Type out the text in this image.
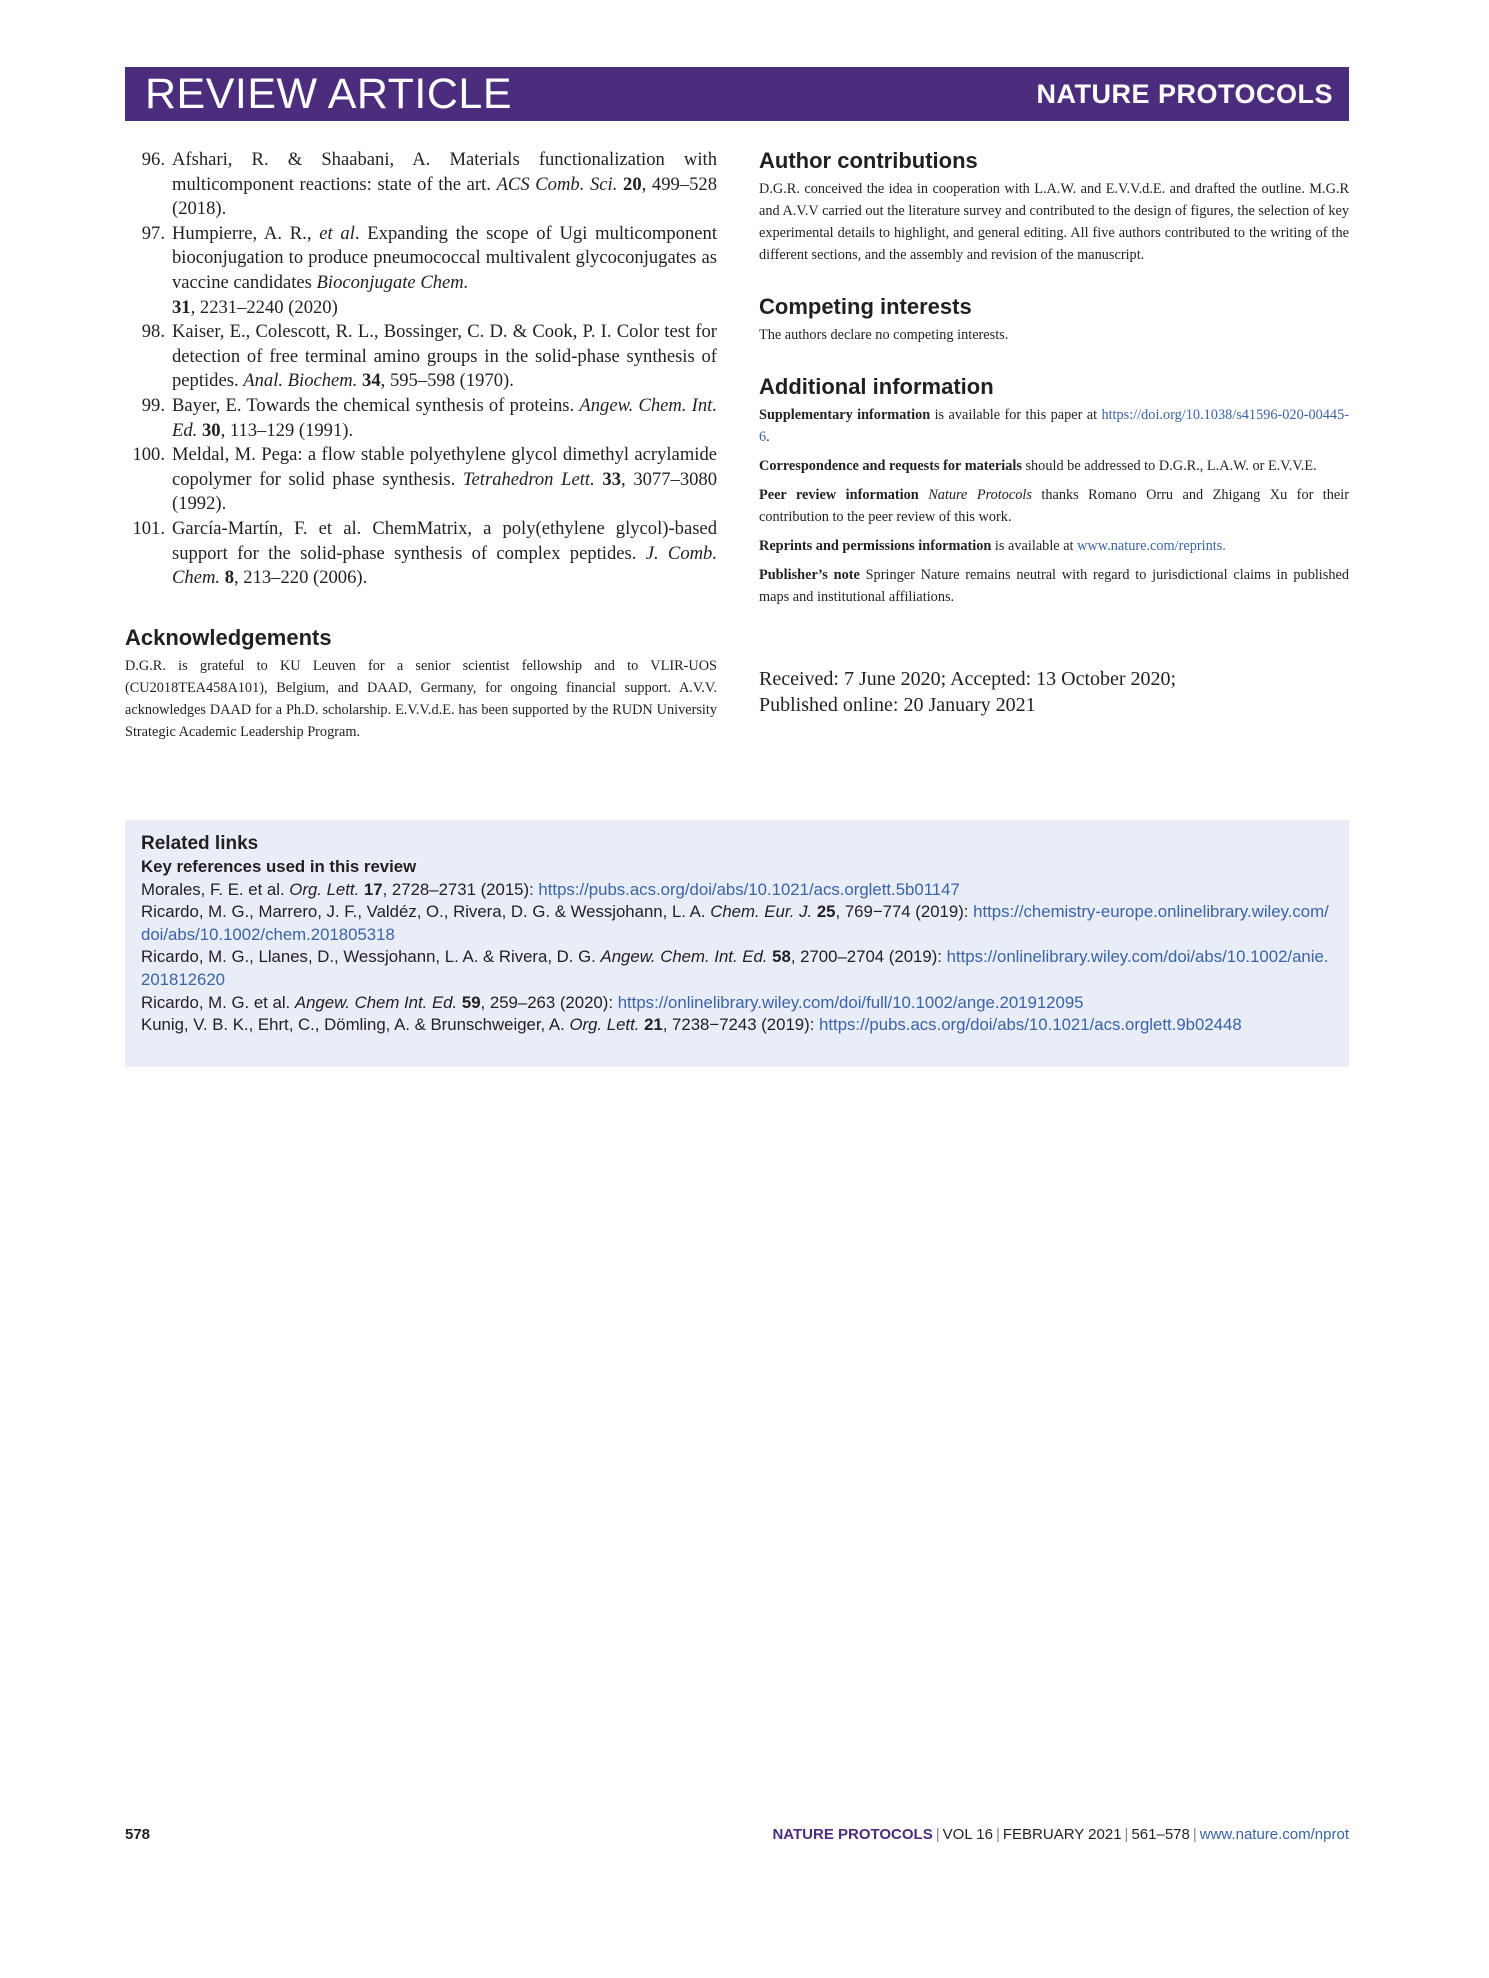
REVIEW ARTICLE	NATURE PROTOCOLS
96. Afshari, R. & Shaabani, A. Materials functionalization with multicomponent reactions: state of the art. ACS Comb. Sci. 20, 499–528 (2018).
97. Humpierre, A. R., et al. Expanding the scope of Ugi multicomponent bioconjugation to produce pneumococcal multivalent glycoconjugates as vaccine candidates Bioconjugate Chem.
31, 2231–2240 (2020)
98. Kaiser, E., Colescott, R. L., Bossinger, C. D. & Cook, P. I. Color test for detection of free terminal amino groups in the solid-phase synthesis of peptides. Anal. Biochem. 34, 595–598 (1970).
99. Bayer, E. Towards the chemical synthesis of proteins. Angew. Chem. Int. Ed. 30, 113–129 (1991).
100. Meldal, M. Pega: a flow stable polyethylene glycol dimethyl acrylamide copolymer for solid phase synthesis. Tetrahedron Lett. 33, 3077–3080 (1992).
101. García-Martín, F. et al. ChemMatrix, a poly(ethylene glycol)-based support for the solid-phase synthesis of complex peptides. J. Comb. Chem. 8, 213–220 (2006).
Acknowledgements

D.G.R. is grateful to KU Leuven for a senior scientist fellowship and to VLIR-UOS (CU2018TEA458A101), Belgium, and DAAD, Germany, for ongoing financial support. A.V.V. acknowledges DAAD for a Ph.D. scholarship. E.V.V.d.E. has been supported by the RUDN University Strategic Academic Leadership Program.

Author contributions

D.G.R. conceived the idea in cooperation with L.A.W. and E.V.V.d.E. and drafted the outline. M.G.R and A.V.V carried out the literature survey and contributed to the design of figures, the selection of key experimental details to highlight, and general editing. All five authors contributed to the writing of the different sections, and the assembly and revision of the manuscript.

Competing interests

The authors declare no competing interests.

Additional information

Supplementary information is available for this paper at https://doi.org/10.1038/s41596-020-00445-6.

Correspondence and requests for materials should be addressed to D.G.R., L.A.W. or E.V.V.E.

Peer review information Nature Protocols thanks Romano Orru and Zhigang Xu for their contribution to the peer review of this work.

Reprints and permissions information is available at www.nature.com/reprints.

Publisher’s note Springer Nature remains neutral with regard to jurisdictional claims in published maps and institutional affiliations.

Received: 7 June 2020; Accepted: 13 October 2020;
Published online: 20 January 2021
Related links
Key references used in this review
Morales, F. E. et al. Org. Lett. 17, 2728–2731 (2015): https://pubs.acs.org/doi/abs/10.1021/acs.orglett.5b01147
Ricardo, M. G., Marrero, J. F., Valdéz, O., Rivera, D. G. & Wessjohann, L. A. Chem. Eur. J. 25, 769−774 (2019): https://chemistry-europe.onlinelibrary.wiley.com/doi/abs/10.1002/chem.201805318
Ricardo, M. G., Llanes, D., Wessjohann, L. A. & Rivera, D. G. Angew. Chem. Int. Ed. 58, 2700–2704 (2019): https://onlinelibrary.wiley.com/doi/abs/10.1002/anie.201812620
Ricardo, M. G. et al. Angew. Chem Int. Ed. 59, 259–263 (2020): https://onlinelibrary.wiley.com/doi/full/10.1002/ange.201912095
Kunig, V. B. K., Ehrt, C., Dömling, A. & Brunschweiger, A. Org. Lett. 21, 7238−7243 (2019): https://pubs.acs.org/doi/abs/10.1021/acs.orglett.9b02448
578	NATURE PROTOCOLS | VOL 16 | FEBRUARY 2021 | 561–578 | www.nature.com/nprot
